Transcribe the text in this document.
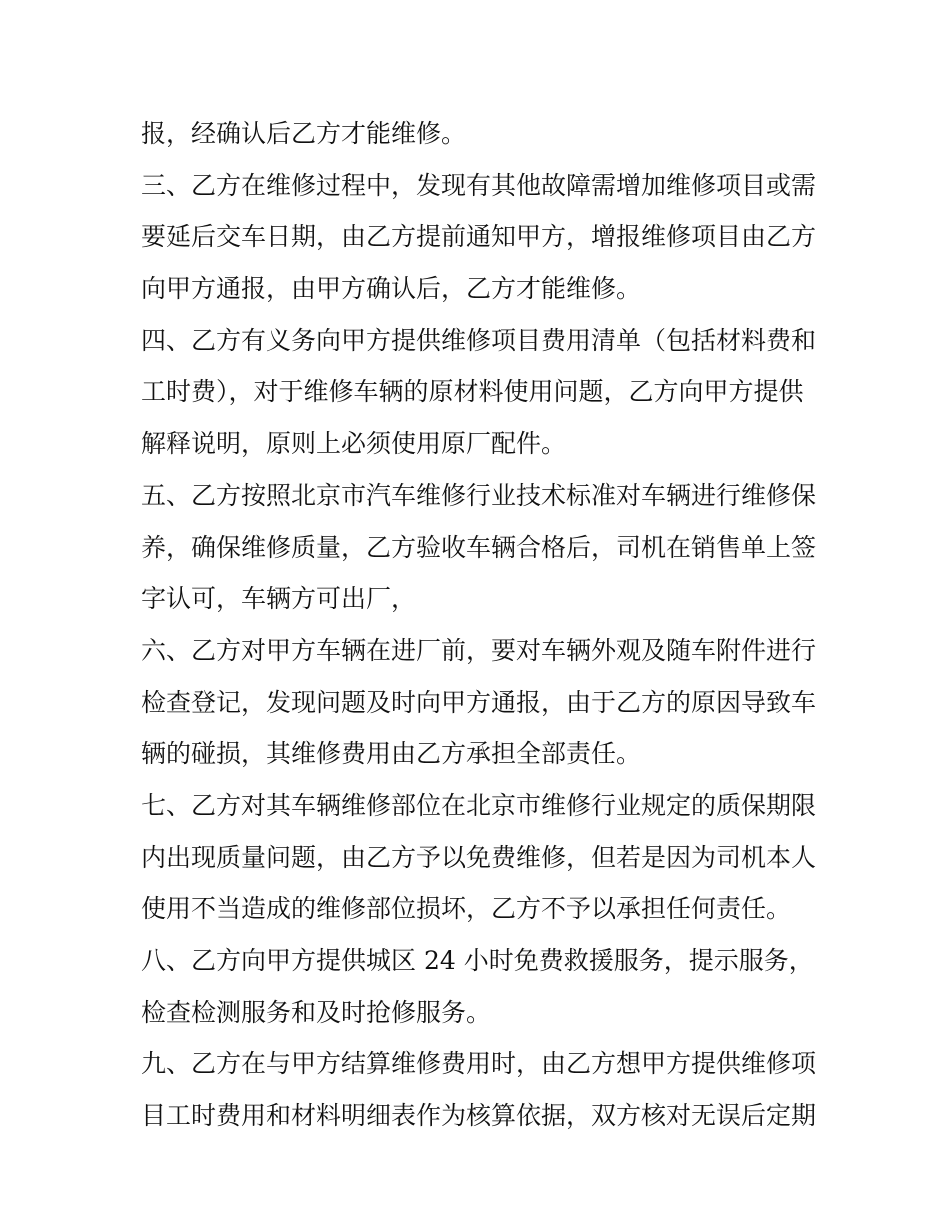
报，经确认后乙方才能维修。
三、乙方在维修过程中，发现有其他故障需增加维修项目或需
要延后交车日期，由乙方提前通知甲方，增报维修项目由乙方
向甲方通报，由甲方确认后，乙方才能维修。
四、乙方有义务向甲方提供维修项目费用清单（包括材料费和
工时费），对于维修车辆的原材料使用问题，乙方向甲方提供
解释说明，原则上必须使用原厂配件。
五、乙方按照北京市汽车维修行业技术标准对车辆进行维修保
养，确保维修质量，乙方验收车辆合格后，司机在销售单上签
字认可，车辆方可出厂，
六、乙方对甲方车辆在进厂前，要对车辆外观及随车附件进行
检查登记，发现问题及时向甲方通报，由于乙方的原因导致车
辆的碰损，其维修费用由乙方承担全部责任。
七、乙方对其车辆维修部位在北京市维修行业规定的质保期限
内出现质量问题，由乙方予以免费维修，但若是因为司机本人
使用不当造成的维修部位损坏，乙方不予以承担任何责任。
八、乙方向甲方提供城区 24 小时免费救援服务，提示服务，
检查检测服务和及时抢修服务。
九、乙方在与甲方结算维修费用时，由乙方想甲方提供维修项
目工时费用和材料明细表作为核算依据，双方核对无误后定期
